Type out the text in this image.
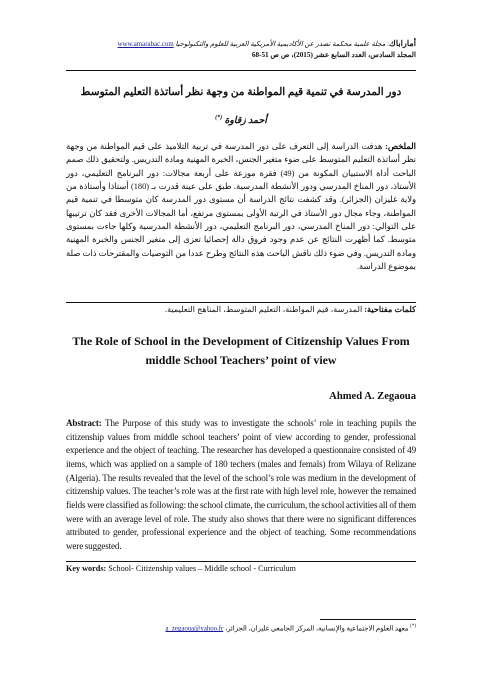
أماراباك: مجلة علمية محكمة تصدر عن الأكاديمية الأمريكية العربية للعلوم والتكنولوجيا www.amarabac.com
المجلد السادس، العدد السابع عشر (2015)، ص ص 51-68
دور المدرسة في تنمية قيم المواطنة من وجهة نظر أساتذة التعليم المتوسط
أحمد زقاوة (*)
الملخص: هدفت الدراسة إلى التعرف على دور المدرسة في تربية التلاميذ على قيم المواطنة من وجهة نظر أساتذة التعليم المتوسط على ضوء متغير الجنس، الخبرة المهنية ومادة التدريس. ولتحقيق ذلك صمم الباحث أداة الاستبيان المكونة من (49) فقرة موزعة على أربعة مجالات: دور البرنامج التعليمي، دور الأستاذ، دور المناخ المدرسي ودور الأنشطة المدرسية. طبق على عينة قدرت بـ (180) أستاذا وأستاذة من ولاية غليزان (الجزائر). وقد كشفت نتائج الدراسة أن مستوى دور المدرسة كان متوسطا في تنمية قيم المواطنة، وجاء مجال دور الأستاذ في الرتبة الأولى بمستوى مرتفع، أما المجالات الأخرى فقد كان ترتيبها على التوالي: دور المناخ المدرسي، دور البرنامج التعليمي، دور الأنشطة المدرسية وكلها جاءت بمستوى متوسط. كما أظهرت النتائج عن عدم وجود فروق دالة إحصائيا تعزى إلى متغير الجنس والخبرة المهنية ومادة التدريس. وفي ضوء ذلك ناقش الباحث هذه النتائج وطرح عددا من التوصيات والمقترحات ذات صلة بموضوع الدراسة.
كلمات مفتاحية: المدرسة، قيم المواطنة، التعليم المتوسط، المناهج التعليمية.
The Role of School in the Development of Citizenship Values From middle School Teachers’ point of view
Ahmed A. Zegaoua
Abstract: The Purpose of this study was to investigate the schools’ role in teaching pupils the citizenship values from middle school teachers’ point of view according to gender, professional experience and the object of teaching. The researcher has developed a questionnaire consisted of 49 items, which was applied on a sample of 180 techers (males and femals) from Wilaya of Relizane (Algeria). The results revealed that the level of the school’s role was medium in the development of citizenship values. The teacher’s role was at the first rate with high level role, however the remained fields were classified as following: the school climate, the curriculum, the school activities all of them were with an average level of role. The study also shows that there were no significant differences attributed to gender, professional experience and the object of teaching. Some recommendations were suggested.
Key words: School- Citizenship values – Middle school - Curriculum
(*) معهد العلوم الاجتماعية والإنسانية، المركز الجامعي غليزان، الجزائر، a_zegaoua@yahoo.fr
